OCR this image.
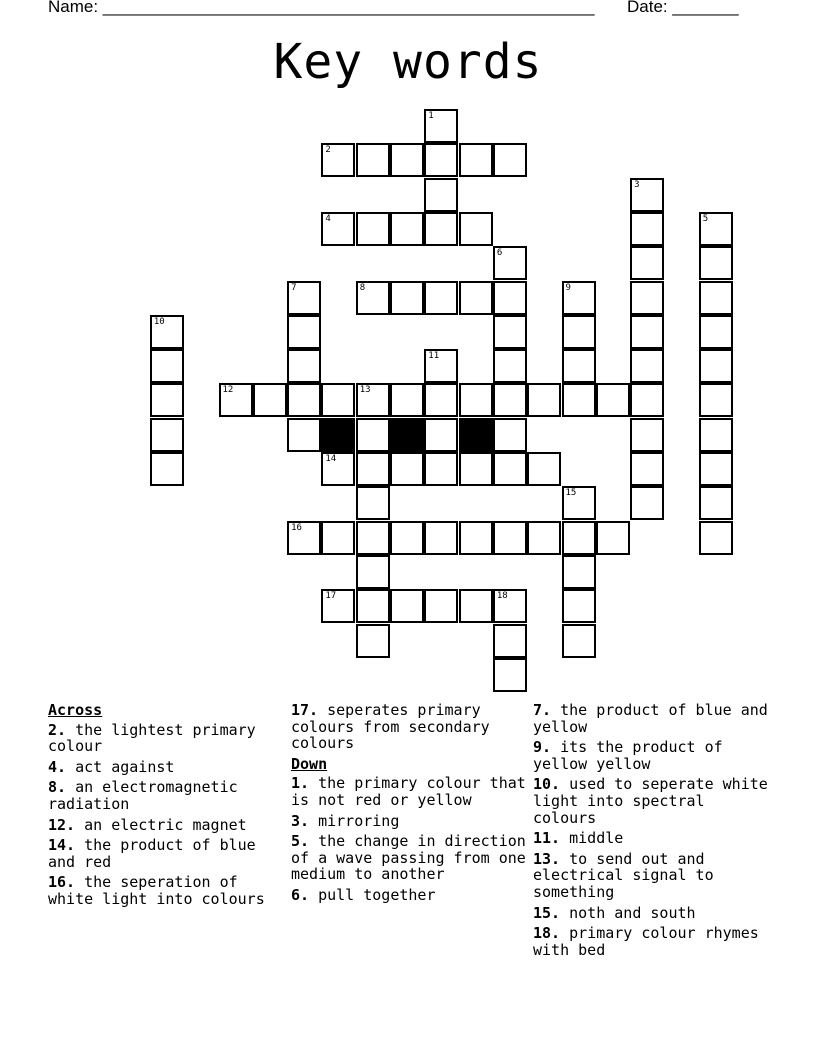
Name: ____________________________________________________ Date: _______
Key words
1
2
3
4	5
6
7	8	9
10
11
12	13
14
15
16
17	18
Across
2. the lightest primary colour
4. act against
8. an electromagnetic radiation
12. an electric magnet
14. the product of blue and red
16. the seperation of white light into colours
17. seperates primary colours from secondary colours
Down
1. the primary colour that is not red or yellow
3. mirroring
5. the change in direction of a wave passing from one medium to another
6. pull together
7. the product of blue and yellow
9. its the product of yellow yellow
10. used to seperate white light into spectral colours
11. middle
13. to send out and electrical signal to something
15. noth and south
18. primary colour rhymes with bed
